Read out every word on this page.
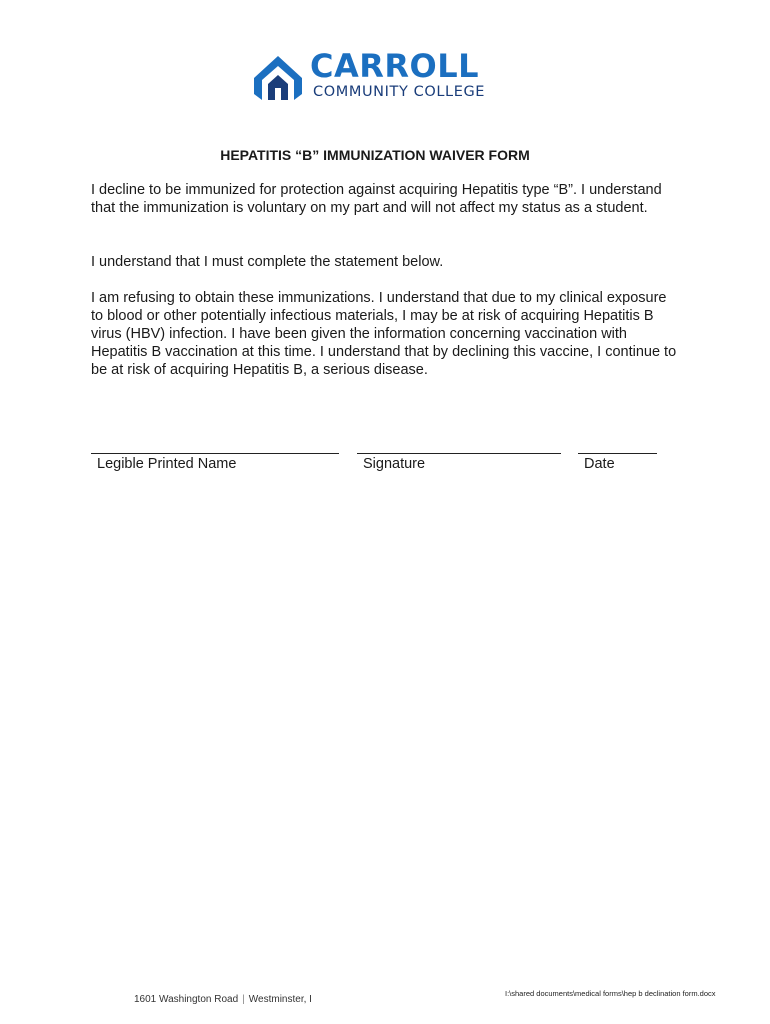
CARROLL
COMMUNITY COLLEGE
HEPATITIS “B” IMMUNIZATION WAIVER FORM

I decline to be immunized for protection against acquiring Hepatitis type “B”. I understand that the immunization is voluntary on my part and will not affect my status as a student.

I understand that I must complete the statement below.

I am refusing to obtain these immunizations. I understand that due to my clinical exposure to blood or other potentially infectious materials, I may be at risk of acquiring Hepatitis B virus (HBV) infection. I have been given the information concerning vaccination with Hepatitis B vaccination at this time. I understand that by declining this vaccine, I continue to be at risk of acquiring Hepatitis B, a serious disease.

Legible Printed Name	Signature	Date
1601 Washington Road | Westminster, I
I:\shared documents\medical forms\hep b declination form.docx
